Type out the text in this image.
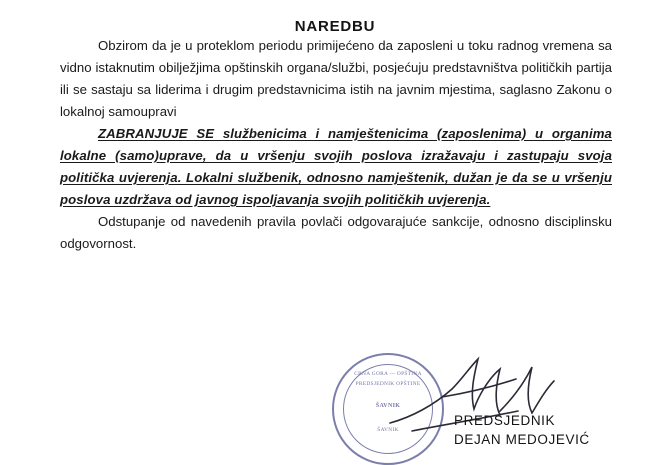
NAREDBU

Obzirom da je u proteklom periodu primijećeno da zaposleni u toku radnog vremena sa vidno istaknutim obilježjima opštinskih organa/službi, posjećuju predstavništva političkih partija ili se sastaju sa liderima i drugim predstavnicima istih na javnim mjestima, saglasno Zakonu o lokalnoj samoupravi

ZABRANJUJE SE službenicima i namještenicima (zaposlenima) u organima lokalne (samo)uprave, da u vršenju svojih poslova izražavaju i zastupaju svoja politička uvjerenja. Lokalni službenik, odnosno namještenik, dužan je da se u vršenju poslova uzdržava od javnog ispoljavanja svojih političkih uvjerenja.

Odstupanje od navedenih pravila povlači odgovarajuće sankcije, odnosno disciplinsku odgovornost.

CRNA GORA — OPŠTINA
PREDSJEDNIK OPŠTINE
ŠAVNIK
ŠAVNIK
PREDSJEDNIK
DEJAN MEDOJEVIĆ
